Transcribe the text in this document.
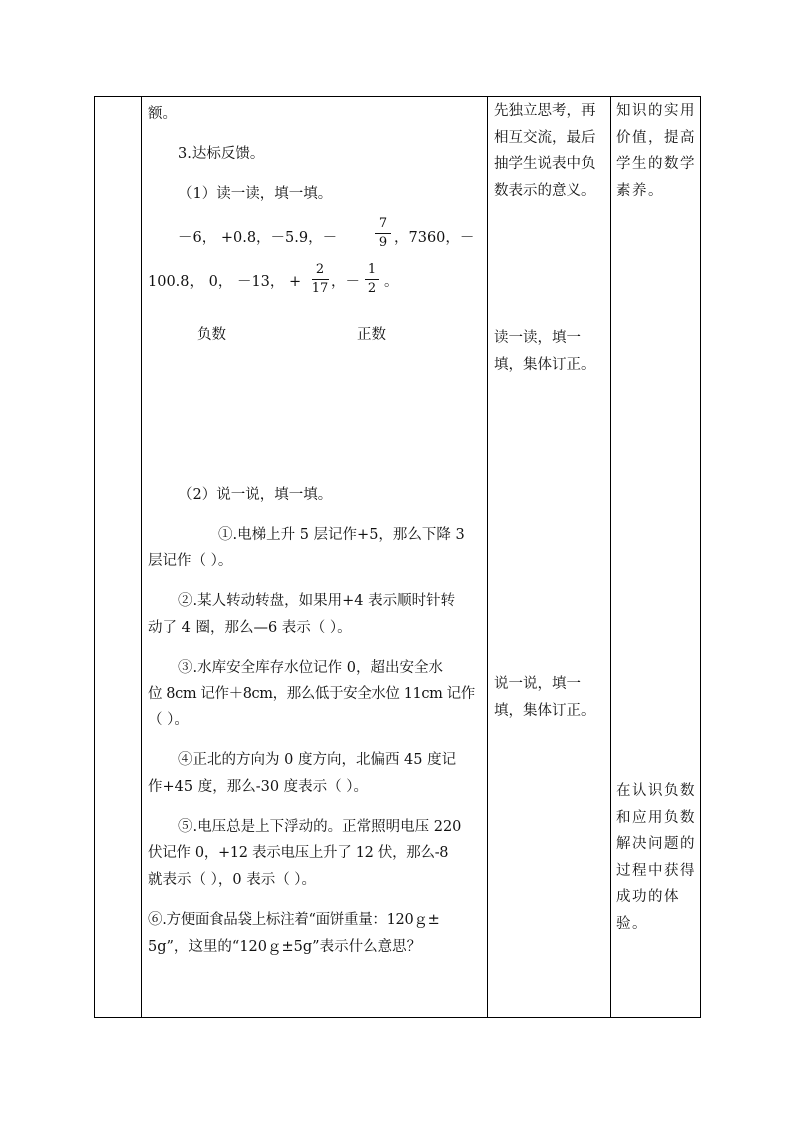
额。
3.达标反馈。
（1）读一读，填一填。
－6， +0.8，－5.9，－
7
9 ，7360，－
100.8， 0， －13， +
2
17 ，－
1
2 。
负数	正数
（2）说一说，填一填。
①.电梯上升 5 层记作+5，那么下降 3
层记作（ ）。
②.某人转动转盘，如果用+4 表示顺时针转
动了 4 圈，那么—6 表示（ ）。
③.水库安全库存水位记作 0，超出安全水
位 8cm 记作＋8cm，那么低于安全水位 11cm 记作
（ ）。
④正北的方向为 0 度方向，北偏西 45 度记
作+45 度，那么-30 度表示（ ）。
⑤.电压总是上下浮动的。正常照明电压 220
伏记作 0，+12 表示电压上升了 12 伏，那么-8
就表示（ ），0 表示（ ）。
⑥.方便面食品袋上标注着“面饼重量：120ｇ±
5g”，这里的“120ｇ±5g”表示什么意思？
先独立思考，再相互交流，最后抽学生说表中负数表示的意义。
读一读，填一填，集体订正。
说一说，填一填，集体订正。
知识的实用价值，提高学生的数学素养。
在认识负数和应用负数解决问题的过程中获得成功的体验。
